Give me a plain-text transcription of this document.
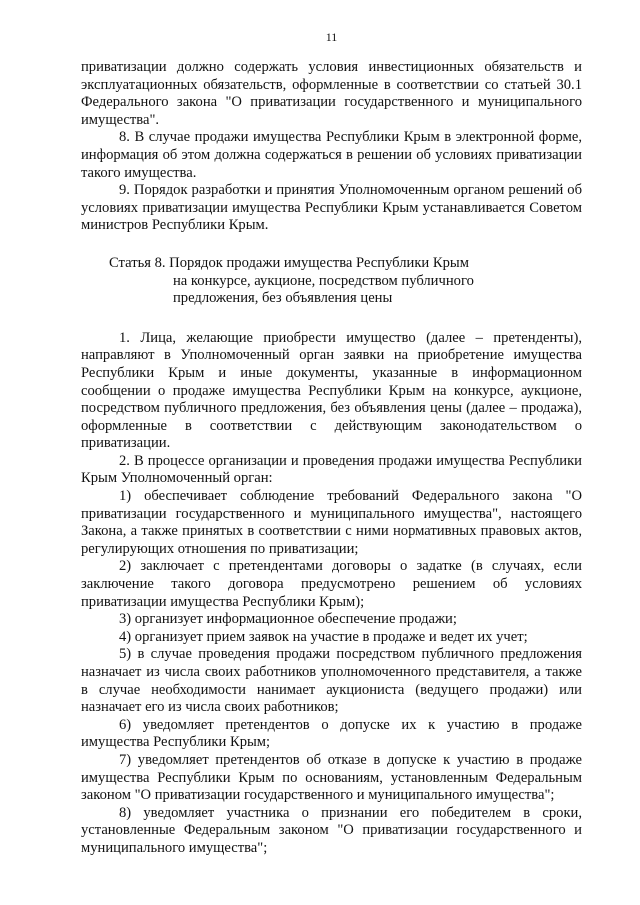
11

приватизации должно содержать условия инвестиционных обязательств и эксплуатационных обязательств, оформленные в соответствии со статьей 30.1 Федерального закона "О приватизации государственного и муниципального имущества".

8. В случае продажи имущества Республики Крым в электронной форме, информация об этом должна содержаться в решении об условиях приватизации такого имущества.

9. Порядок разработки и принятия Уполномоченным органом решений об условиях приватизации имущества Республики Крым устанавливается Советом министров Республики Крым.

Статья 8. Порядок продажи имущества Республики Крым
на конкурсе, аукционе, посредством публичного
предложения, без объявления цены

1. Лица, желающие приобрести имущество (далее – претенденты), направляют в Уполномоченный орган заявки на приобретение имущества Республики Крым и иные документы, указанные в информационном сообщении о продаже имущества Республики Крым на конкурсе, аукционе, посредством публичного предложения, без объявления цены (далее – продажа), оформленные в соответствии с действующим законодательством о приватизации.

2. В процессе организации и проведения продажи имущества Республики Крым Уполномоченный орган:

1) обеспечивает соблюдение требований Федерального закона "О приватизации государственного и муниципального имущества", настоящего Закона, а также принятых в соответствии с ними нормативных правовых актов, регулирующих отношения по приватизации;

2) заключает с претендентами договоры о задатке (в случаях, если заключение такого договора предусмотрено решением об условиях приватизации имущества Республики Крым);

3) организует информационное обеспечение продажи;

4) организует прием заявок на участие в продаже и ведет их учет;

5) в случае проведения продажи посредством публичного предложения назначает из числа своих работников уполномоченного представителя, а также в случае необходимости нанимает аукциониста (ведущего продажи) или назначает его из числа своих работников;

6) уведомляет претендентов о допуске их к участию в продаже имущества Республики Крым;

7) уведомляет претендентов об отказе в допуске к участию в продаже имущества Республики Крым по основаниям, установленным Федеральным законом "О приватизации государственного и муниципального имущества";

8) уведомляет участника о признании его победителем в сроки, установленные Федеральным законом "О приватизации государственного и муниципального имущества";
